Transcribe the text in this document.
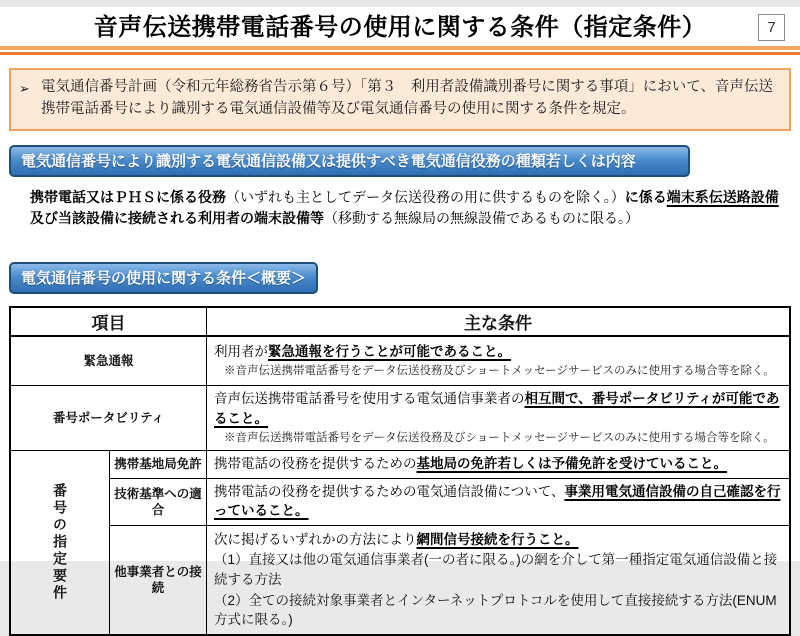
音声伝送携帯電話番号の使用に関する条件（指定条件）	7
➢ 電気通信番号計画（令和元年総務省告示第６号）「第３　利用者設備識別番号に関する事項」において、音声伝送携帯電話番号により識別する電気通信設備等及び電気通信番号の使用に関する条件を規定。
電気通信番号により識別する電気通信設備又は提供すべき電気通信役務の種類若しくは内容
携帯電話又はＰＨＳに係る役務（いずれも主としてデータ伝送役務の用に供するものを除く。）に係る端末系伝送路設備及び当該設備に接続される利用者の端末設備等（移動する無線局の無線設備であるものに限る。）
電気通信番号の使用に関する条件＜概要＞
項目		主な条件
緊急通報		利用者が緊急通報を行うことが可能であること。
※音声伝送携帯電話番号をデータ伝送役務及びショートメッセージサービスのみに使用する場合等を除く。

番号ポータビリティ		音声伝送携帯電話番号を使用する電気通信事業者の相互間で、番号ポータビリティが可能であること。
※音声伝送携帯電話番号をデータ伝送役務及びショートメッセージサービスのみに使用する場合等を除く。

番号の指定要件	携帯基地局免許	携帯電話の役務を提供するための基地局の免許若しくは予備免許を受けていること。

	技術基準への適合	携帯電話の役務を提供するための電気通信設備について、事業用電気通信設備の自己確認を行っていること。

	他事業者との接続	次に掲げるいずれかの方法により網間信号接続を行うこと。
（1）直接又は他の電気通信事業者(一の者に限る。)の網を介して第一種指定電気通信設備と接続する方法
（2）全ての接続対象事業者とインターネットプロトコルを使用して直接接続する方法(ENUM方式に限る。)
